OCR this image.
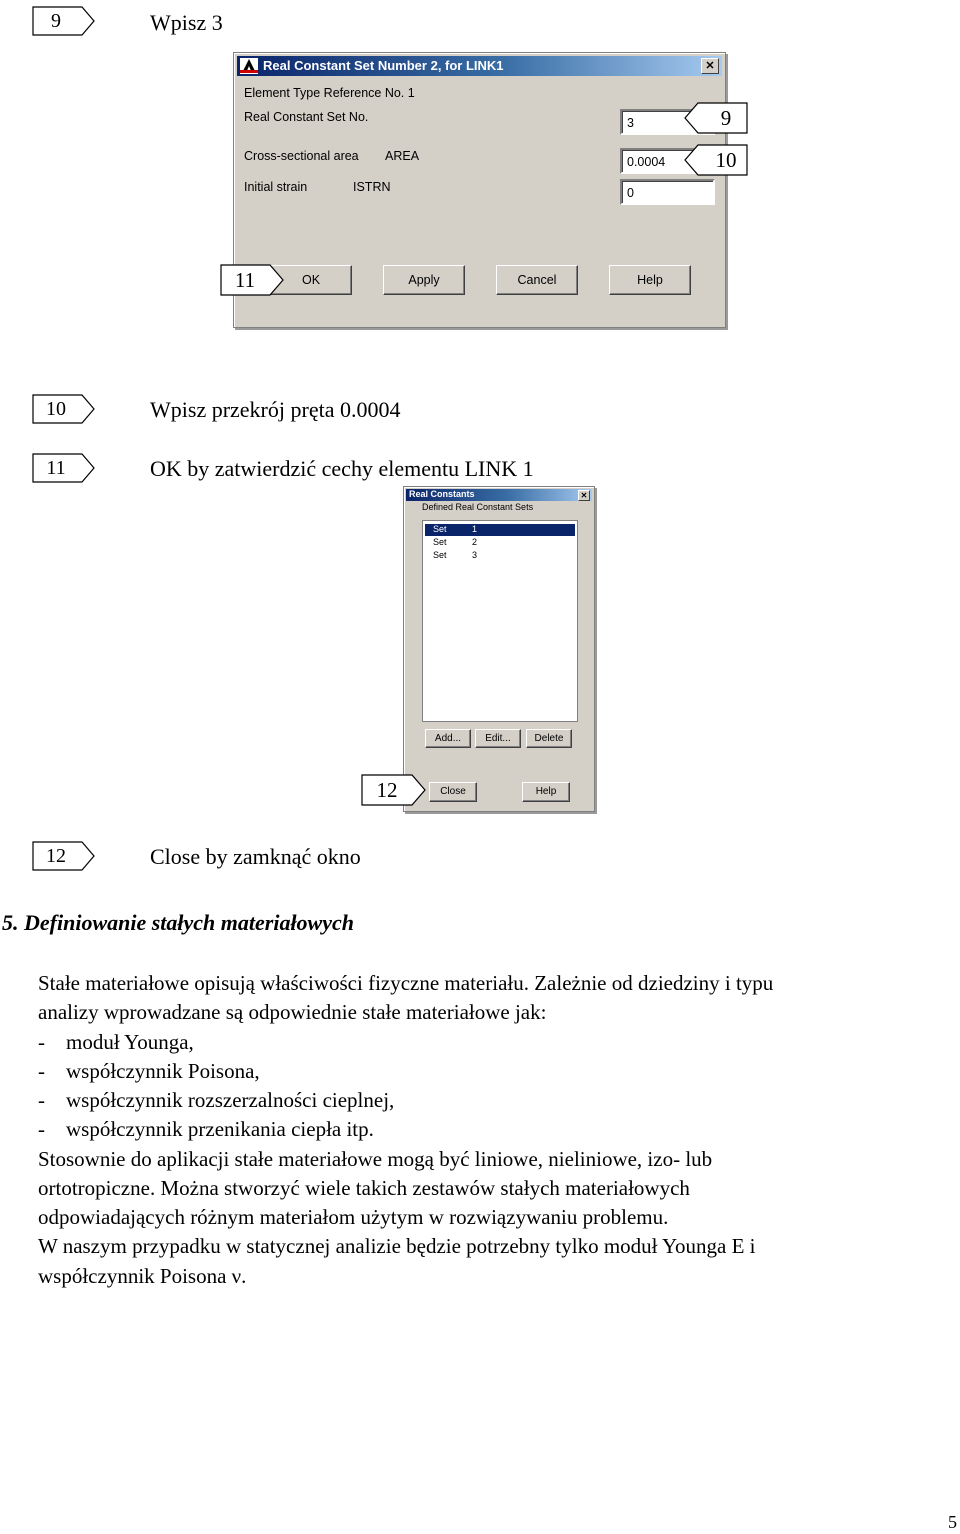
9	Wpisz 3
Real Constant Set Number 2, for LINK1	✕
Element Type Reference No. 1
Real Constant Set No.	3
Cross-sectional area AREA	0.0004
Initial strain	ISTRN	0
OK	Apply	Cancel	Help
9
10
11
10	Wpisz przekrój pręta 0.0004
11	OK by zatwierdzić cechy elementu LINK 1
Real Constants	✕
Defined Real Constant Sets
Set	1
Set	2
Set	3
Add...	Edit...	Delete
Close	Help
12
12	Close by zamknąć okno
5. Definiowanie stałych materiałowych
Stałe materiałowe opisują właściwości fizyczne materiału. Zależnie od dziedziny i typu
analizy wprowadzane są odpowiednie stałe materiałowe jak:
-    moduł Younga,
-    współczynnik Poisona,
-    współczynnik rozszerzalności cieplnej,
-    współczynnik przenikania ciepła itp.
Stosownie do aplikacji stałe materiałowe mogą być liniowe, nieliniowe, izo- lub
ortotropiczne. Można stworzyć wiele takich zestawów stałych materiałowych
odpowiadających różnym materiałom użytym w rozwiązywaniu problemu.
W naszym przypadku w statycznej analizie będzie potrzebny tylko moduł Younga E i
współczynnik Poisona ν.
5
